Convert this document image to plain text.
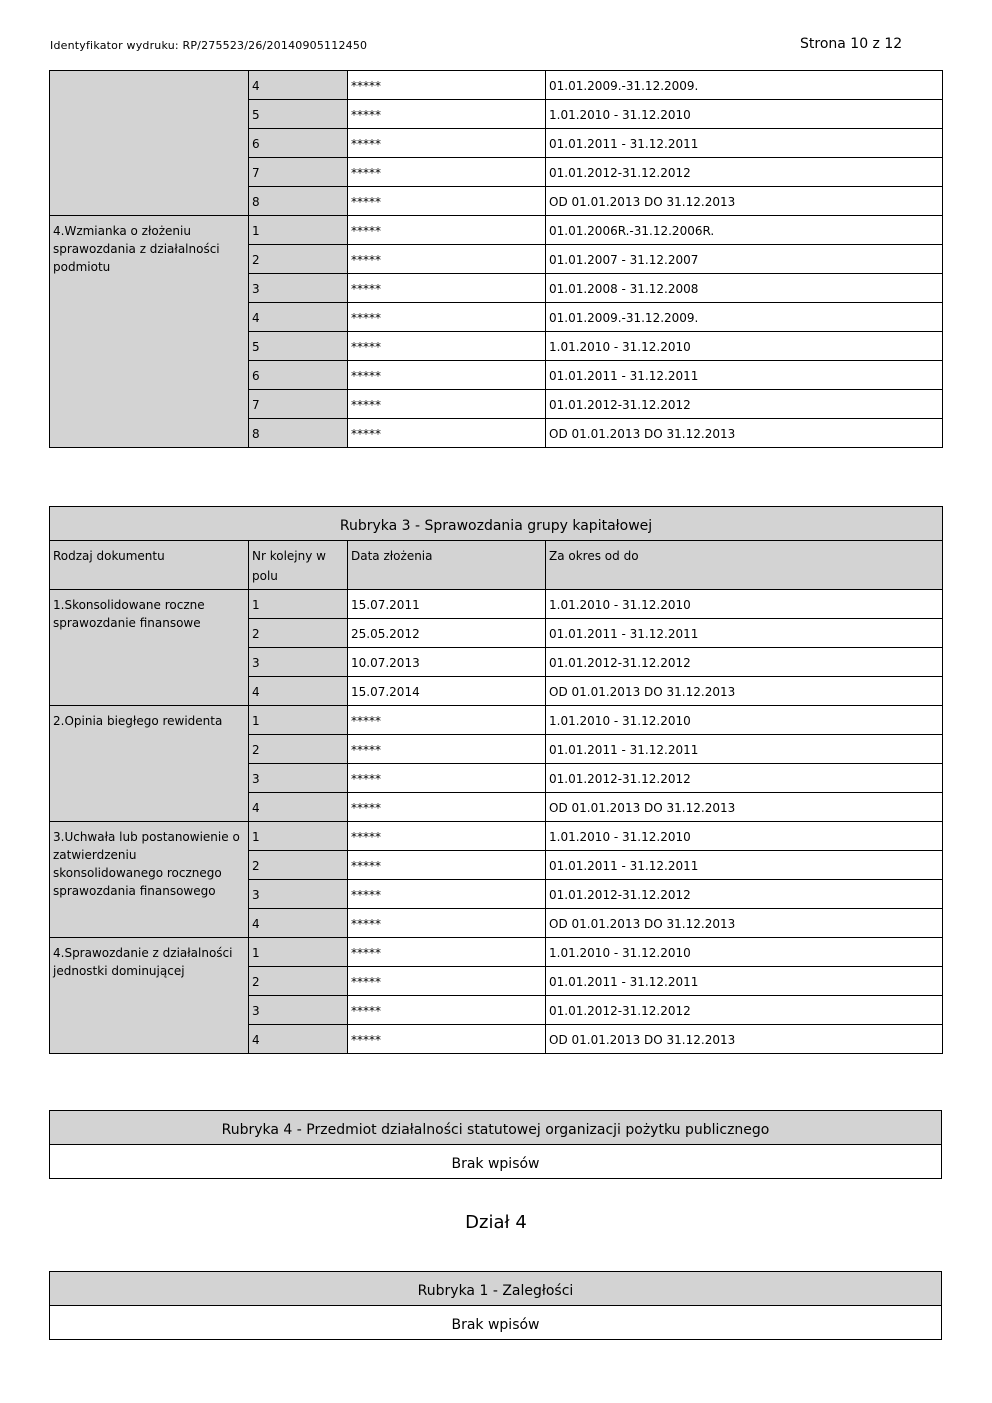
Identyfikator wydruku: RP/275523/26/20140905112450	Strona 10 z 12
	4	*****	01.01.2009.-31.12.2009.
	5	*****	1.01.2010 - 31.12.2010
	6	*****	01.01.2011 - 31.12.2011
	7	*****	01.01.2012-31.12.2012
	8	*****	OD 01.01.2013 DO 31.12.2013
4.Wzmianka o złożeniu sprawozdania z działalności podmiotu	1	*****	01.01.2006R.-31.12.2006R.
	2	*****	01.01.2007 - 31.12.2007
	3	*****	01.01.2008 - 31.12.2008
	4	*****	01.01.2009.-31.12.2009.
	5	*****	1.01.2010 - 31.12.2010
	6	*****	01.01.2011 - 31.12.2011
	7	*****	01.01.2012-31.12.2012
	8	*****	OD 01.01.2013 DO 31.12.2013
Rubryka 3 - Sprawozdania grupy kapitałowej			
Rodzaj dokumentu	Nr kolejny w polu	Data złożenia	Za okres od do
1.Skonsolidowane roczne sprawozdanie finansowe	1	15.07.2011	1.01.2010 - 31.12.2010
	2	25.05.2012	01.01.2011 - 31.12.2011
	3	10.07.2013	01.01.2012-31.12.2012
	4	15.07.2014	OD 01.01.2013 DO 31.12.2013
2.Opinia biegłego rewidenta	1	*****	1.01.2010 - 31.12.2010
	2	*****	01.01.2011 - 31.12.2011
	3	*****	01.01.2012-31.12.2012
	4	*****	OD 01.01.2013 DO 31.12.2013
3.Uchwała lub postanowienie o zatwierdzeniu skonsolidowanego rocznego sprawozdania finansowego	1	*****	1.01.2010 - 31.12.2010
	2	*****	01.01.2011 - 31.12.2011
	3	*****	01.01.2012-31.12.2012
	4	*****	OD 01.01.2013 DO 31.12.2013
4.Sprawozdanie z działalności jednostki dominującej	1	*****	1.01.2010 - 31.12.2010
	2	*****	01.01.2011 - 31.12.2011
	3	*****	01.01.2012-31.12.2012
	4	*****	OD 01.01.2013 DO 31.12.2013
Rubryka 4 - Przedmiot działalności statutowej organizacji pożytku publicznego
Brak wpisów
Dział 4
Rubryka 1 - Zaległości
Brak wpisów
